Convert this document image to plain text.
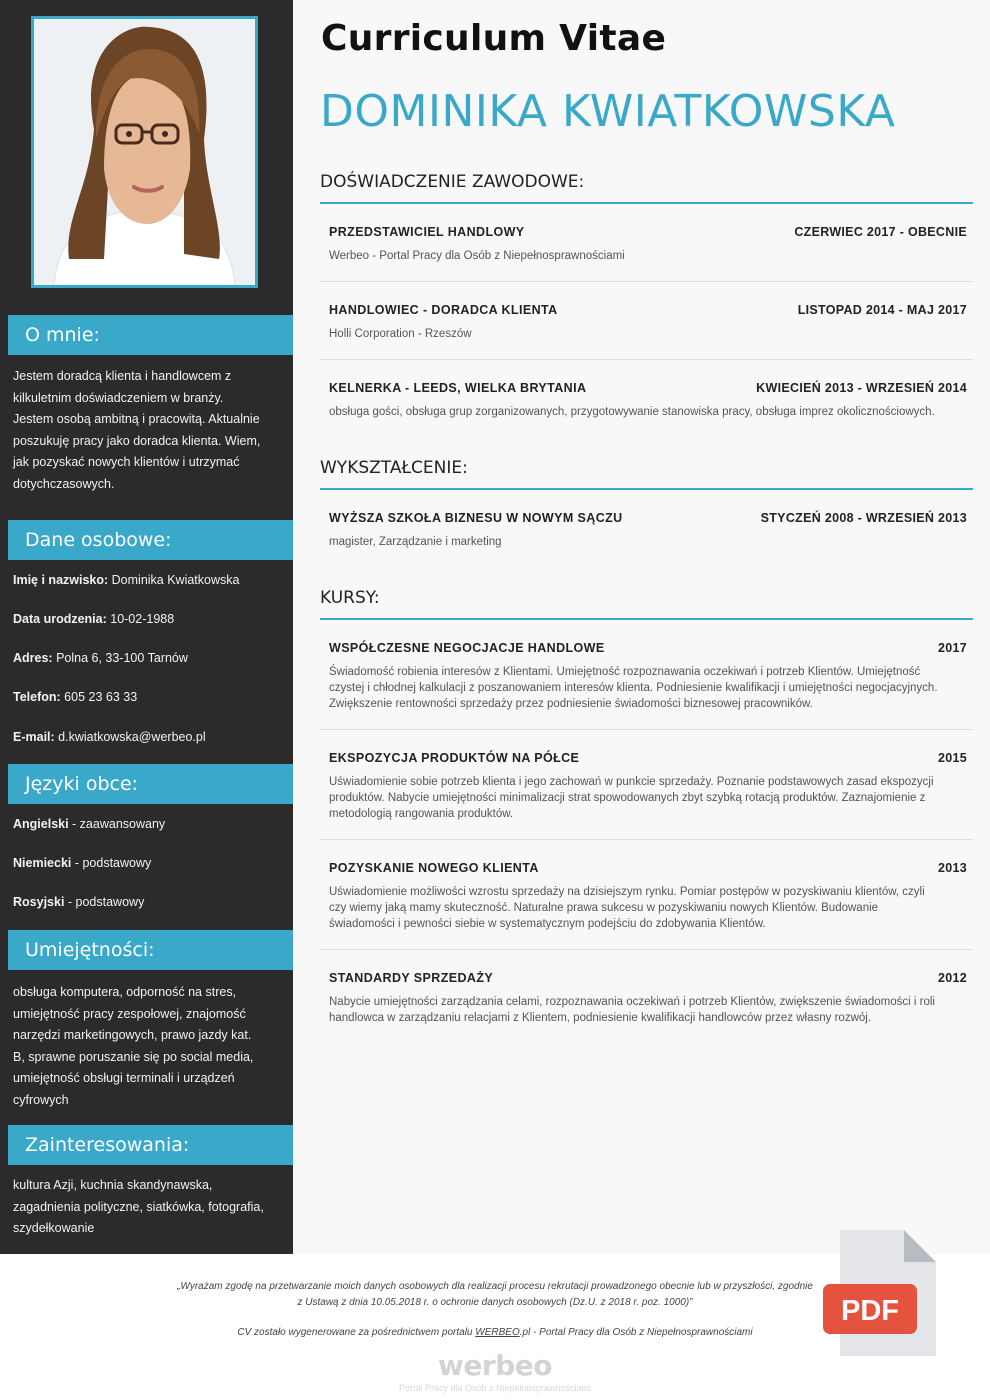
O mnie:
Jestem doradcą klienta i handlowcem z
kilkuletnim doświadczeniem w branży.
Jestem osobą ambitną i pracowitą. Aktualnie
poszukuję pracy jako doradca klienta. Wiem,
jak pozyskać nowych klientów i utrzymać
dotychczasowych.
Dane osobowe:
Imię i nazwisko: Dominika Kwiatkowska
Data urodzenia: 10-02-1988
Adres: Polna 6, 33-100 Tarnów
Telefon: 605 23 63 33
E-mail: d.kwiatkowska@werbeo.pl
Języki obce:
Angielski - zaawansowany
Niemiecki - podstawowy
Rosyjski - podstawowy
Umiejętności:
obsługa komputera, odporność na stres,
umiejętność pracy zespołowej, znajomość
narzędzi marketingowych, prawo jazdy kat.
B, sprawne poruszanie się po social media,
umiejętność obsługi terminali i urządzeń
cyfrowych
Zainteresowania:
kultura Azji, kuchnia skandynawska,
zagadnienia polityczne, siatkówka, fotografia,
szydełkowanie
Curriculum Vitae
DOMINIKA KWIATKOWSKA
DOŚWIADCZENIE ZAWODOWE:
PRZEDSTAWICIEL HANDLOWY	CZERWIEC 2017 - OBECNIE
Werbeo - Portal Pracy dla Osób z Niepełnosprawnościami
HANDLOWIEC - DORADCA KLIENTA	LISTOPAD 2014 - MAJ 2017
Holli Corporation - Rzeszów
KELNERKA - LEEDS, WIELKA BRYTANIA	KWIECIEŃ 2013 - WRZESIEŃ 2014
obsługa gości, obsługa grup zorganizowanych, przygotowywanie stanowiska pracy, obsługa imprez okolicznościowych.
WYKSZTAŁCENIE:
WYŻSZA SZKOŁA BIZNESU W NOWYM SĄCZU	STYCZEŃ 2008 - WRZESIEŃ 2013
magister, Zarządzanie i marketing
KURSY:
WSPÓŁCZESNE NEGOCJACJE HANDLOWE	2017
Świadomość robienia interesów z Klientami. Umiejętność rozpoznawania oczekiwań i potrzeb Klientów. Umiejętność
czystej i chłodnej kalkulacji z poszanowaniem interesów klienta. Podniesienie kwalifikacji i umiejętności negocjacyjnych.
Zwiększenie rentowności sprzedaży przez podniesienie świadomości biznesowej pracowników.
EKSPOZYCJA PRODUKTÓW NA PÓŁCE	2015
Uświadomienie sobie potrzeb klienta i jego zachowań w punkcie sprzedaży. Poznanie podstawowych zasad ekspozycji
produktów. Nabycie umiejętności minimalizacji strat spowodowanych zbyt szybką rotacją produktów. Zaznajomienie z
metodologią rangowania produktów.
POZYSKANIE NOWEGO KLIENTA	2013
Uświadomienie możliwości wzrostu sprzedaży na dzisiejszym rynku. Pomiar postępów w pozyskiwaniu klientów, czyli
czy wiemy jaką mamy skuteczność. Naturalne prawa sukcesu w pozyskiwaniu nowych Klientów. Budowanie
świadomości i pewności siebie w systematycznym podejściu do zdobywania Klientów.
STANDARDY SPRZEDAŻY	2012
Nabycie umiejętności zarządzania celami, rozpoznawania oczekiwań i potrzeb Klientów, zwiększenie świadomości i roli
handlowca w zarządzaniu relacjami z Klientem, podniesienie kwalifikacji handlowców przez własny rozwój.
„Wyrażam zgodę na przetwarzanie moich danych osobowych dla realizacji procesu rekrutacji prowadzonego obecnie lub w przyszłości, zgodnie
z Ustawą z dnia 10.05.2018 r. o ochronie danych osobowych (Dz.U. z 2018 r. poz. 1000)”
CV zostało wygenerowane za pośrednictwem portalu WERBEO.pl - Portal Pracy dla Osób z Niepełnosprawnościami
werbeo
Portal Pracy dla Osób z Niepełnosprawnościami
PDF
